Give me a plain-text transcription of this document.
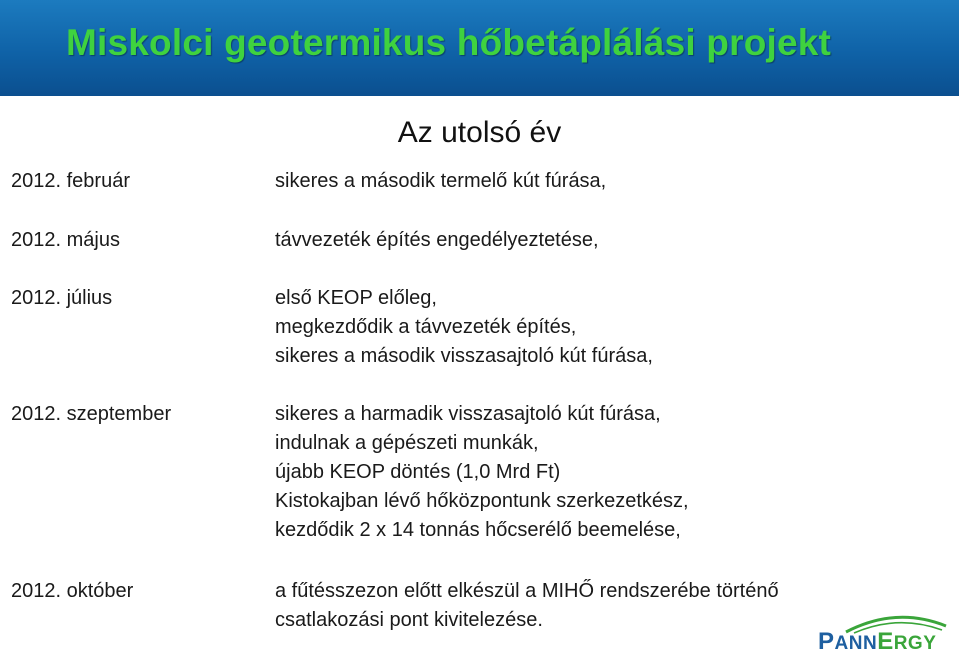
Miskolci geotermikus hőbetáplálási projekt
Az utolsó év
2012. február	sikeres a második termelő kút fúrása,
2012. május	távvezeték építés engedélyeztetése,
2012. július	első KEOP előleg,
megkezdődik a távvezeték építés,
sikeres a második visszasajtoló kút fúrása,
2012. szeptember	sikeres a harmadik visszasajtoló kút fúrása,
indulnak a gépészeti munkák,
újabb KEOP döntés (1,0 Mrd Ft)
Kistokajban lévő hőközpontunk szerkezetkész,
kezdődik 2 x 14 tonnás hőcserélő beemelése,
2012. október	a fűtésszezon előtt elkészül a MIHŐ rendszerébe történő
csatlakozási pont kivitelezése.
PANNERGY
